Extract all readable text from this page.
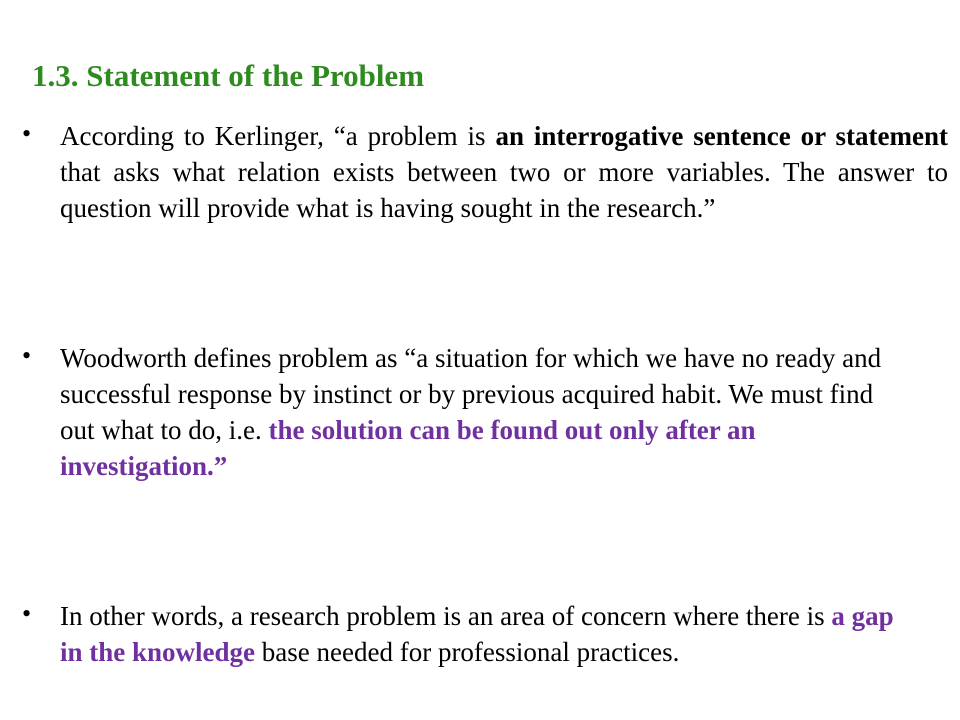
1.3. Statement of the Problem
• According to Kerlinger, “a problem is an interrogative sentence or statement that asks what relation exists between two or more variables. The answer to question will provide what is having sought in the research.”
• Woodworth defines problem as “a situation for which we have no ready and successful response by instinct or by previous acquired habit. We must find out what to do, i.e. the solution can be found out only after an investigation.”
• In other words, a research problem is an area of concern where there is a gap in the knowledge base needed for professional practices.
